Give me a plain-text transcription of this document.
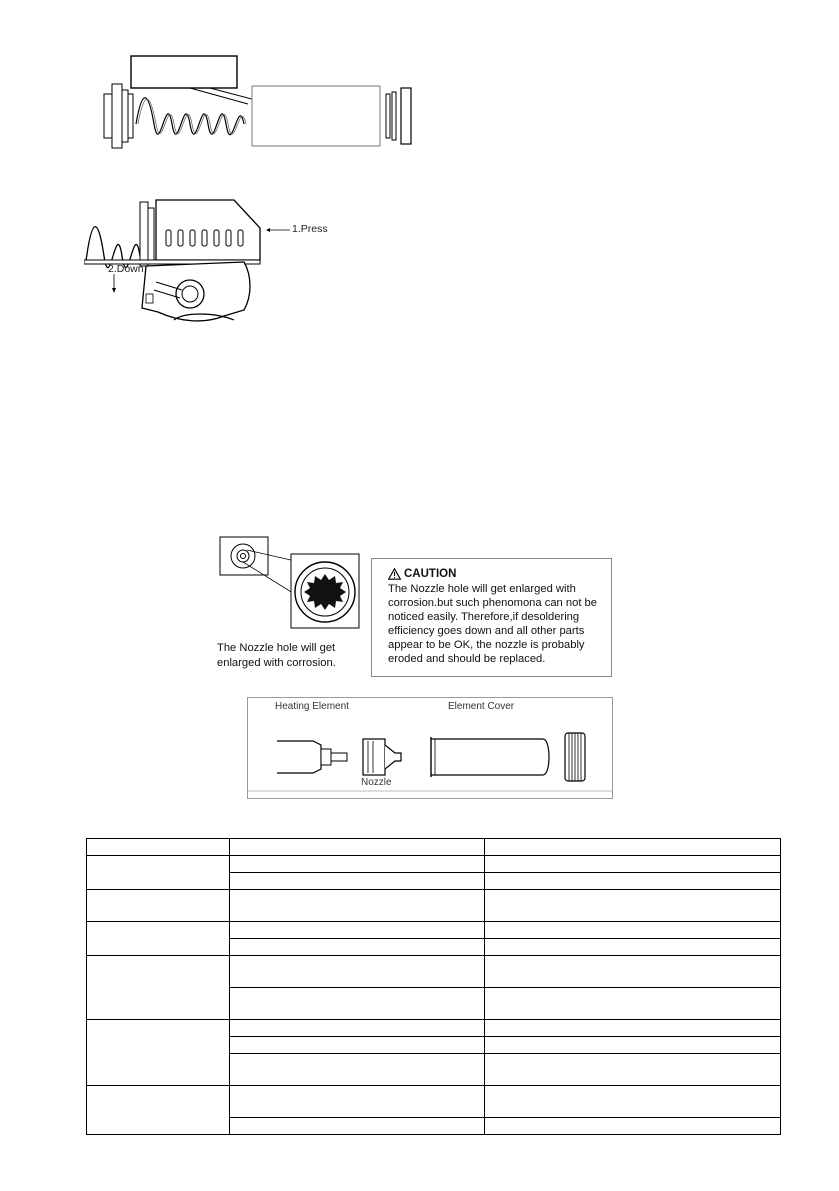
1.Press
2.Down
The Nozzle hole will get enlarged with corrosion.
CAUTION
The Nozzle hole will get enlarged with corrosion.but such phenomona can not be noticed easily. Therefore,if desoldering efficiency goes down and all other parts appear to be OK, the nozzle is probably eroded and should be replaced.
Heating Element	Element Cover
Nozzle
